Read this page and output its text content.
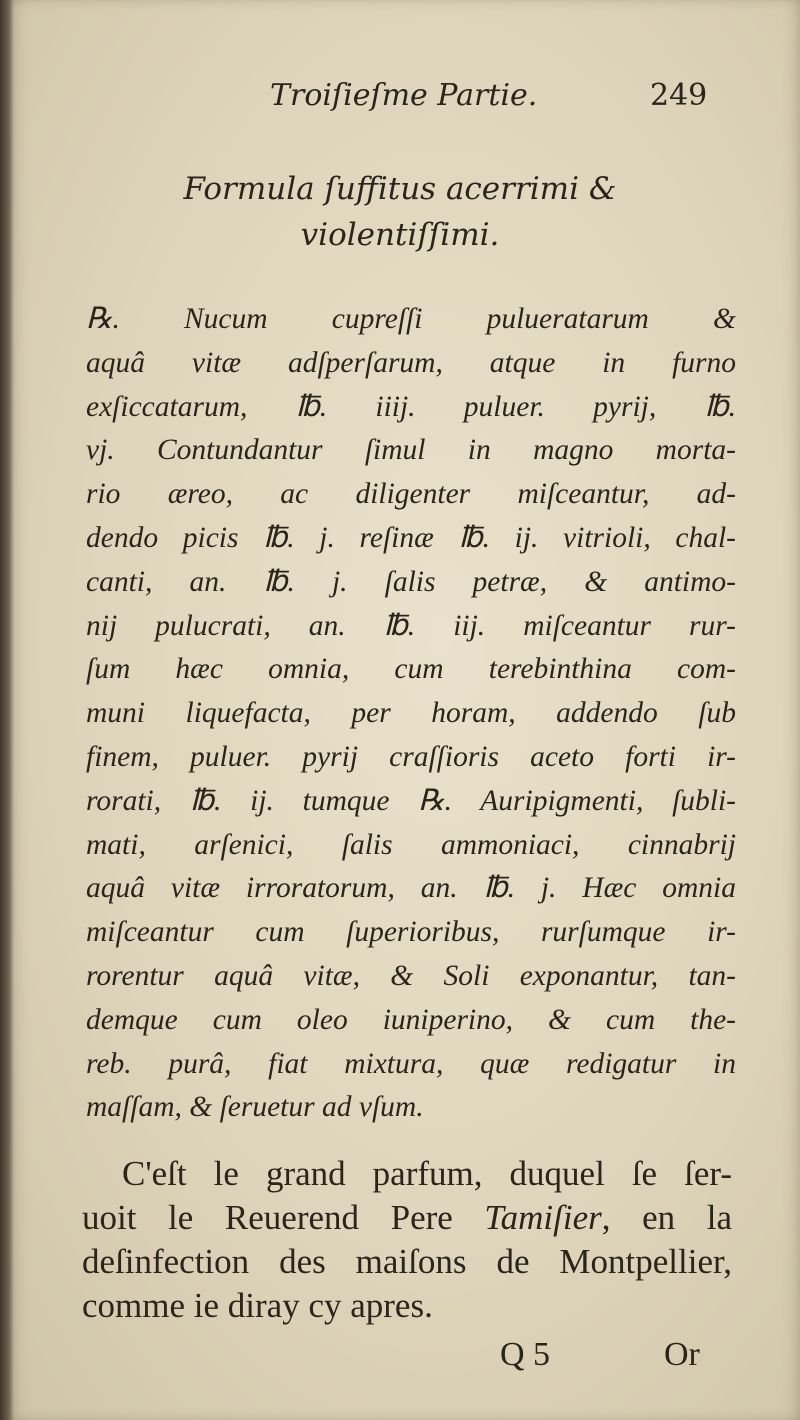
Troiſieſme Partie.	249
Formula ſuffitus acerrimi &
violentiſſimi.
℞. Nucum cupreſſi pulueratarum &
aquâ vitæ adſperſarum, atque in furno
exſiccatarum, ℔. iiij. puluer. pyrij, ℔.
vj. Contundantur ſimul in magno morta-
rio æreo, ac diligenter miſceantur, ad-
dendo picis ℔. j. reſinæ ℔. ij. vitrioli, chal-
canti, an. ℔. j. ſalis petræ, & antimo-
nij pulucrati, an. ℔. iij. miſceantur rur-
ſum hæc omnia, cum terebinthina com-
muni liquefacta, per horam, addendo ſub
finem, puluer. pyrij craſſioris aceto forti ir-
rorati, ℔. ij. tumque ℞. Auripigmenti, ſubli-
mati, arſenici, ſalis ammoniaci, cinnabrij
aquâ vitæ irroratorum, an. ℔. j. Hæc omnia
miſceantur cum ſuperioribus, rurſumque ir-
rorentur aquâ vitæ, & Soli exponantur, tan-
demque cum oleo iuniperino, & cum the-
reb. purâ, fiat mixtura, quæ redigatur in
maſſam, & ſeruetur ad vſum.
C'eſt le grand parfum, duquel ſe ſer-
uoit le Reuerend Pere Tamiſier, en la
deſinfection des maiſons de Montpellier,
comme ie diray cy apres.
Q 5	Or
